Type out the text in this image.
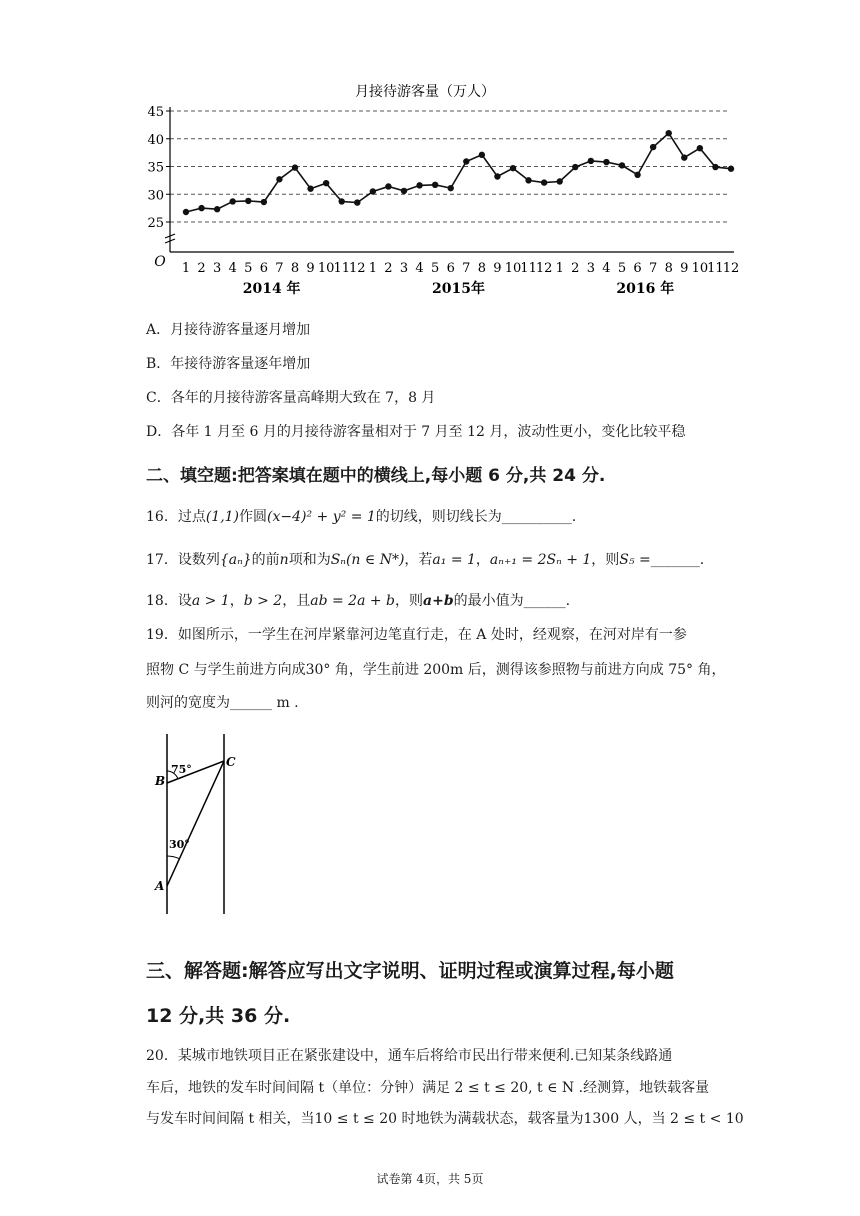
月接待游客量（万人）
45
40
35
30
25
O 1 2 3 4 5 6 7 8 9 10 11 12 1 2 3 4 5 6 7 8 9 10 11 12 1 2 3 4 5 6 7 8 9 10 11 12
2014 年	2015年	2016 年
A．月接待游客量逐月增加
B．年接待游客量逐年增加
C．各年的月接待游客量高峰期大致在 7，8 月
D．各年 1 月至 6 月的月接待游客量相对于 7 月至 12 月，波动性更小，变化比较平稳
二、填空题:把答案填在题中的横线上,每小题 6 分,共 24 分.
16．过点(1,1)作圆(x−4)² + y² = 1的切线，则切线长为__________.
17．设数列{aₙ}的前n项和为Sₙ(n ∈ N*)，若a₁ = 1，aₙ₊₁ = 2Sₙ + 1，则S₅ =_______.
18．设a > 1，b > 2，且ab = 2a + b，则a+b的最小值为______.
19．如图所示，一学生在河岸紧靠河边笔直行走，在 A 处时，经观察，在河对岸有一参
照物 C 与学生前进方向成30° 角，学生前进 200m 后，测得该参照物与前进方向成 75° 角，
则河的宽度为______ m .
B
C
A
75°
30°
三、解答题:解答应写出文字说明、证明过程或演算过程,每小题
12 分,共 36 分.
20．某城市地铁项目正在紧张建设中，通车后将给市民出行带来便利.已知某条线路通
车后，地铁的发车时间间隔 t（单位：分钟）满足 2 ≤ t ≤ 20, t ∈ N .经测算，地铁载客量
与发车时间间隔 t 相关，当10 ≤ t ≤ 20 时地铁为满载状态，载客量为1300 人，当 2 ≤ t < 10
试卷第 4页，共 5页
